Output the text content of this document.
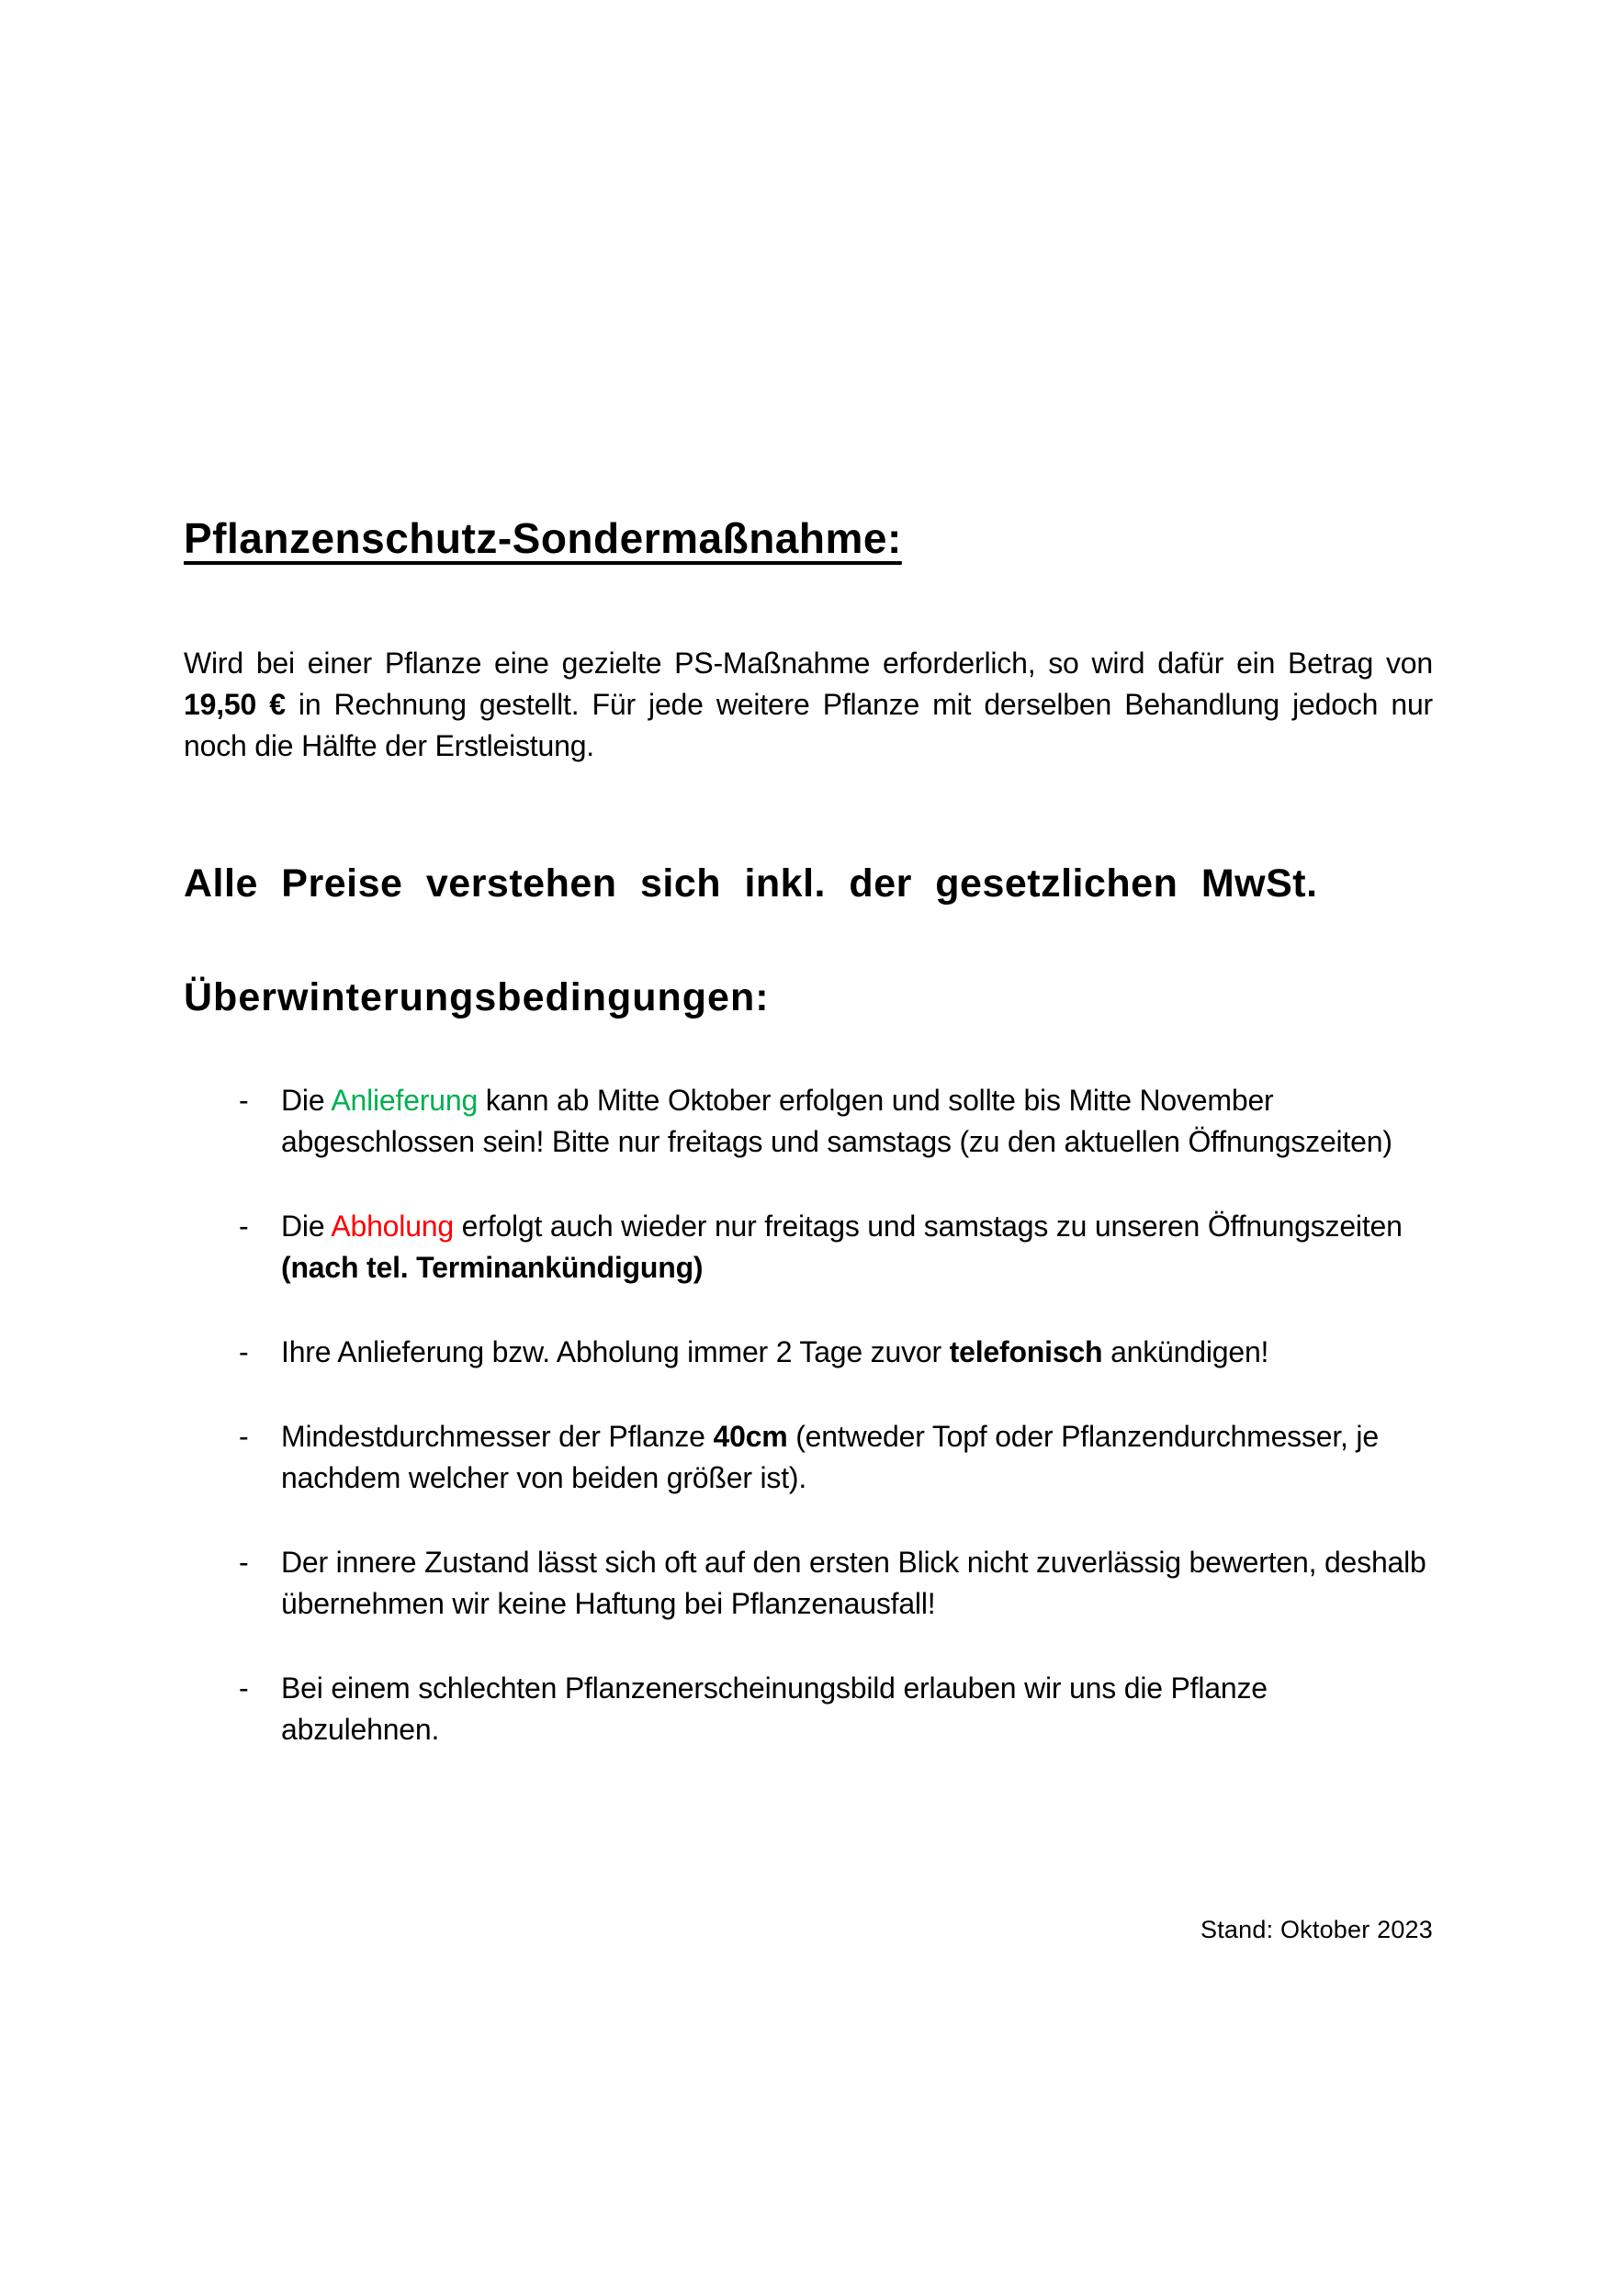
Pflanzenschutz-Sondermaßnahme:

Wird bei einer Pflanze eine gezielte PS-Maßnahme erforderlich, so wird dafür ein Betrag von 19,50 € in Rechnung gestellt. Für jede weitere Pflanze mit derselben Behandlung jedoch nur noch die Hälfte der Erstleistung.

Alle Preise verstehen sich inkl. der gesetzlichen MwSt.
Überwinterungsbedingungen:
- Die Anlieferung kann ab Mitte Oktober erfolgen und sollte bis Mitte November abgeschlossen sein! Bitte nur freitags und samstags (zu den aktuellen Öffnungszeiten)
- Die Abholung erfolgt auch wieder nur freitags und samstags zu unseren Öffnungszeiten (nach tel. Terminankündigung)
- Ihre Anlieferung bzw. Abholung immer 2 Tage zuvor telefonisch ankündigen!
- Mindestdurchmesser der Pflanze 40cm (entweder Topf oder Pflanzendurchmesser, je nachdem welcher von beiden größer ist).
- Der innere Zustand lässt sich oft auf den ersten Blick nicht zuverlässig bewerten, deshalb übernehmen wir keine Haftung bei Pflanzenausfall!
- Bei einem schlechten Pflanzenerscheinungsbild erlauben wir uns die Pflanze abzulehnen.
Stand: Oktober 2023
